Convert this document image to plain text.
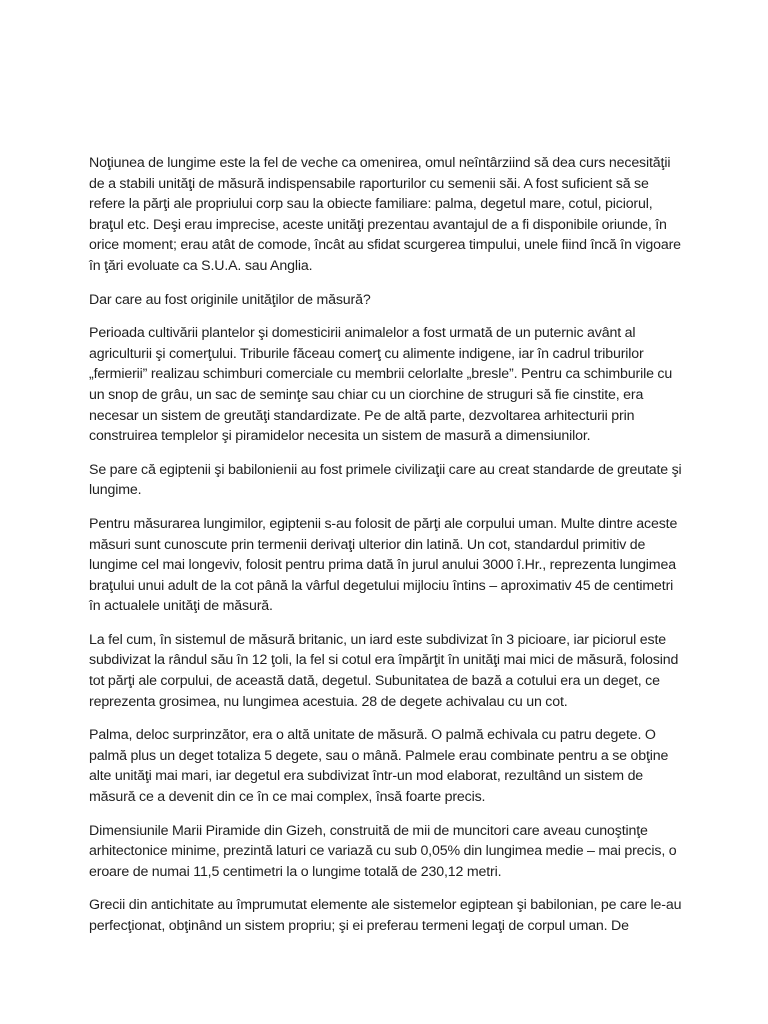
Noţiunea de lungime este la fel de veche ca omenirea, omul neîntârziind să dea curs necesităţii de a stabili unităţi de măsură indispensabile raporturilor cu semenii săi. A fost suficient să se refere la părţi ale propriului corp sau la obiecte familiare: palma, degetul mare, cotul, piciorul, braţul etc. Deşi erau imprecise, aceste unităţi prezentau avantajul de a fi disponibile oriunde, în orice moment; erau atât de comode, încât au sfidat scurgerea timpului, unele fiind încă în vigoare în ţări evoluate ca S.U.A. sau Anglia.

Dar care au fost originile unităţilor de măsură?

Perioada cultivării plantelor şi domesticirii animalelor a fost urmată de un puternic avânt al agriculturii şi comerţului. Triburile făceau comerţ cu alimente indigene, iar în cadrul triburilor „fermierii” realizau schimburi comerciale cu membrii celorlalte „bresle”. Pentru ca schimburile cu un snop de grâu, un sac de seminţe sau chiar cu un ciorchine de struguri să fie cinstite, era necesar un sistem de greutăţi standardizate. Pe de altă parte, dezvoltarea arhitecturii prin construirea templelor şi piramidelor necesita un sistem de masură a dimensiunilor.

Se pare că egiptenii şi babilonienii au fost primele civilizaţii care au creat standarde de greutate şi lungime.

Pentru măsurarea lungimilor, egiptenii s-au folosit de părţi ale corpului uman. Multe dintre aceste măsuri sunt cunoscute prin termenii derivaţi ulterior din latină. Un cot, standardul primitiv de lungime cel mai longeviv, folosit pentru prima dată în jurul anului 3000 î.Hr., reprezenta lungimea braţului unui adult de la cot până la vârful degetului mijlociu întins – aproximativ 45 de centimetri în actualele unităţi de măsură.

La fel cum, în sistemul de măsură britanic, un iard este subdivizat în 3 picioare, iar piciorul este subdivizat la rândul său în 12 ţoli, la fel si cotul era împărţit în unităţi mai mici de măsură, folosind tot părţi ale corpului, de această dată, degetul. Subunitatea de bază a cotului era un deget, ce reprezenta grosimea, nu lungimea acestuia. 28 de degete achivalau cu un cot.

Palma, deloc surprinzător, era o altă unitate de măsură. O palmă echivala cu patru degete. O palmă plus un deget totaliza 5 degete, sau o mână. Palmele erau combinate pentru a se obţine alte unităţi mai mari, iar degetul era subdivizat într-un mod elaborat, rezultând un sistem de măsură ce a devenit din ce în ce mai complex, însă foarte precis.

Dimensiunile Marii Piramide din Gizeh, construită de mii de muncitori care aveau cunoştinţe arhitectonice minime, prezintă laturi ce variază cu sub 0,05% din lungimea medie – mai precis, o eroare de numai 11,5 centimetri la o lungime totală de 230,12 metri.

Grecii din antichitate au împrumutat elemente ale sistemelor egiptean şi babilonian, pe care le-au perfecţionat, obţinând un sistem propriu; şi ei preferau termeni legaţi de corpul uman. De
